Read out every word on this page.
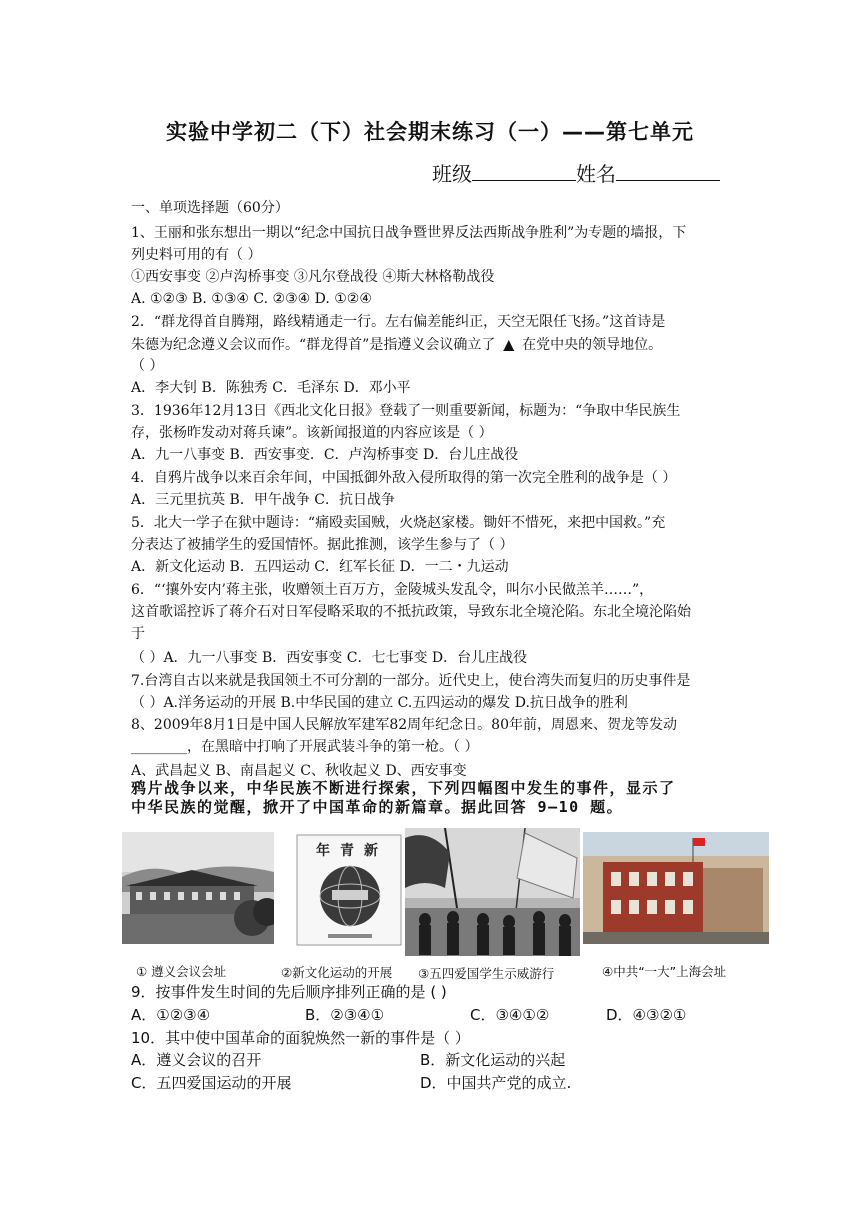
实验中学初二（下）社会期末练习（一）——第七单元
班级	姓名
一、单项选择题（60分）
1、王丽和张东想出一期以“纪念中国抗日战争暨世界反法西斯战争胜利”为专题的墙报，下
列史料可用的有（ ）
①西安事变 ②卢沟桥事变 ③凡尔登战役 ④斯大林格勒战役
A. ①②③ B. ①③④ C. ②③④ D. ①②④
2．“群龙得首自腾翔，路线精通走一行。左右偏差能纠正，天空无限任飞扬。”这首诗是
朱德为纪念遵义会议而作。“群龙得首”是指遵义会议确立了 ▲ 在党中央的领导地位。
（ ）
A．李大钊 B．陈独秀 C．毛泽东 D．邓小平
3．1936年12月13日《西北文化日报》登载了一则重要新闻，标题为：“争取中华民族生
存，张杨昨发动对蒋兵谏”。该新闻报道的内容应该是（ ）
A．九一八事变 B．西安事变．C．卢沟桥事变 D．台儿庄战役
4．自鸦片战争以来百余年间，中国抵御外敌入侵所取得的第一次完全胜利的战争是（ ）
A．三元里抗英 B．甲午战争 C．抗日战争
5．北大一学子在狱中题诗：“痛殴卖国贼，火烧赵家楼。锄奸不惜死，来把中国救。”充
分表达了被捕学生的爱国情怀。据此推测，该学生参与了（ ）
A．新文化运动 B．五四运动 C．红军长征 D．一二・九运动
6．“‘攘外安内’蒋主张，收赠领土百万方，金陵城头发乱令，叫尔小民做羔羊……”，
这首歌谣控诉了蒋介石对日军侵略采取的不抵抗政策，导致东北全境沦陷。东北全境沦陷始
于
（ ）A．九一八事变 B．西安事变 C．七七事变 D．台儿庄战役
7.台湾自古以来就是我国领土不可分割的一部分。近代史上，使台湾失而复归的历史事件是
（ ）A.洋务运动的开展 B.中华民国的建立 C.五四运动的爆发 D.抗日战争的胜利
8、2009年8月1日是中国人民解放军建军82周年纪念日。80年前，周恩来、贺龙等发动
________，在黑暗中打响了开展武装斗争的第一枪。（ ）
A、武昌起义 B、南昌起义 C、秋收起义 D、西安事变
鸦片战争以来，中华民族不断进行探索，下列四幅图中发生的事件，显示了
中华民族的觉醒，掀开了中国革命的新篇章。据此回答 9—10 题。
① 遵义会议会址
年青新
②新文化运动的开展 ③五四爱国学生示威游行	④中共“一大”上海会址
9．按事件发生时间的先后顺序排列正确的是 ( )
A．①②③④	B．②③④①	C．③④①②	D．④③②①
10．其中使中国革命的面貌焕然一新的事件是（ ）
A．遵义会议的召开	B．新文化运动的兴起
C．五四爱国运动的开展	D．中国共产党的成立.
